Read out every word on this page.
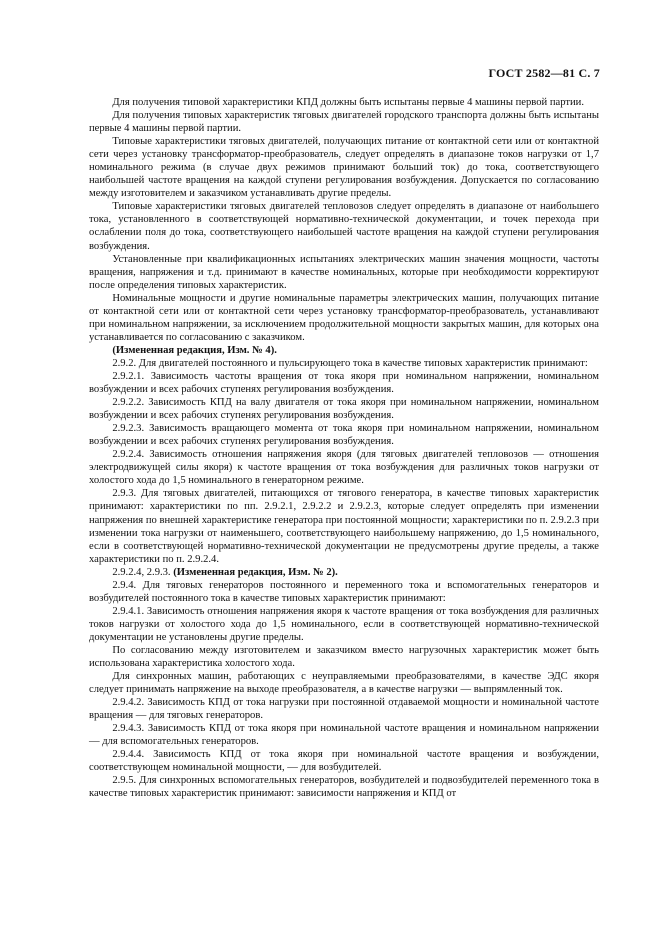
ГОСТ 2582—81 С. 7

Для получения типовой характеристики КПД должны быть испытаны первые 4 машины первой партии.

Для получения типовых характеристик тяговых двигателей городского транспорта должны быть испытаны первые 4 машины первой партии.

Типовые характеристики тяговых двигателей, получающих питание от контактной сети или от контактной сети через установку трансформатор-преобразователь, следует определять в диапазоне токов нагрузки от 1,7 номинального режима (в случае двух режимов принимают больший ток) до тока, соответствующего наибольшей частоте вращения на каждой ступени регулирования возбуждения. Допускается по согласованию между изготовителем и заказчиком устанавливать другие пределы.

Типовые характеристики тяговых двигателей тепловозов следует определять в диапазоне от наибольшего тока, установленного в соответствующей нормативно-технической документации, и точек перехода при ослаблении поля до тока, соответствующего наибольшей частоте вращения на каждой ступени регулирования возбуждения.

Установленные при квалификационных испытаниях электрических машин значения мощности, частоты вращения, напряжения и т.д. принимают в качестве номинальных, которые при необходимости корректируют после определения типовых характеристик.

Номинальные мощности и другие номинальные параметры электрических машин, получающих питание от контактной сети или от контактной сети через установку трансформатор-преобразователь, устанавливают при номинальном напряжении, за исключением продолжительной мощности закрытых машин, для которых она устанавливается по согласованию с заказчиком.

(Измененная редакция, Изм. № 4).

2.9.2. Для двигателей постоянного и пульсирующего тока в качестве типовых характеристик принимают:

2.9.2.1. Зависимость частоты вращения от тока якоря при номинальном напряжении, номинальном возбуждении и всех рабочих ступенях регулирования возбуждения.

2.9.2.2. Зависимость КПД на валу двигателя от тока якоря при номинальном напряжении, номинальном возбуждении и всех рабочих ступенях регулирования возбуждения.

2.9.2.3. Зависимость вращающего момента от тока якоря при номинальном напряжении, номинальном возбуждении и всех рабочих ступенях регулирования возбуждения.

2.9.2.4. Зависимость отношения напряжения якоря (для тяговых двигателей тепловозов — отношения электродвижущей силы якоря) к частоте вращения от тока возбуждения для различных токов нагрузки от холостого хода до 1,5 номинального в генераторном режиме.

2.9.3. Для тяговых двигателей, питающихся от тягового генератора, в качестве типовых характеристик принимают: характеристики по пп. 2.9.2.1, 2.9.2.2 и 2.9.2.3, которые следует определять при изменении напряжения по внешней характеристике генератора при постоянной мощности; характеристики по п. 2.9.2.3 при изменении тока нагрузки от наименьшего, соответствующего наибольшему напряжению, до 1,5 номинального, если в соответствующей нормативно-технической документации не предусмотрены другие пределы, а также характеристики по п. 2.9.2.4.

2.9.2.4, 2.9.3. (Измененная редакция, Изм. № 2).

2.9.4. Для тяговых генераторов постоянного и переменного тока и вспомогательных генераторов и возбудителей постоянного тока в качестве типовых характеристик принимают:

2.9.4.1. Зависимость отношения напряжения якоря к частоте вращения от тока возбуждения для различных токов нагрузки от холостого хода до 1,5 номинального, если в соответствующей нормативно-технической документации не установлены другие пределы.

По согласованию между изготовителем и заказчиком вместо нагрузочных характеристик может быть использована характеристика холостого хода.

Для синхронных машин, работающих с неуправляемыми преобразователями, в качестве ЭДС якоря следует принимать напряжение на выходе преобразователя, а в качестве нагрузки — выпрямленный ток.

2.9.4.2. Зависимость КПД от тока нагрузки при постоянной отдаваемой мощности и номинальной частоте вращения — для тяговых генераторов.

2.9.4.3. Зависимость КПД от тока якоря при номинальной частоте вращения и номинальном напряжении — для вспомогательных генераторов.

2.9.4.4. Зависимость КПД от тока якоря при номинальной частоте вращения и возбуждении, соответствующем номинальной мощности, — для возбудителей.

2.9.5. Для синхронных вспомогательных генераторов, возбудителей и подвозбудителей переменного тока в качестве типовых характеристик принимают: зависимости напряжения и КПД от
